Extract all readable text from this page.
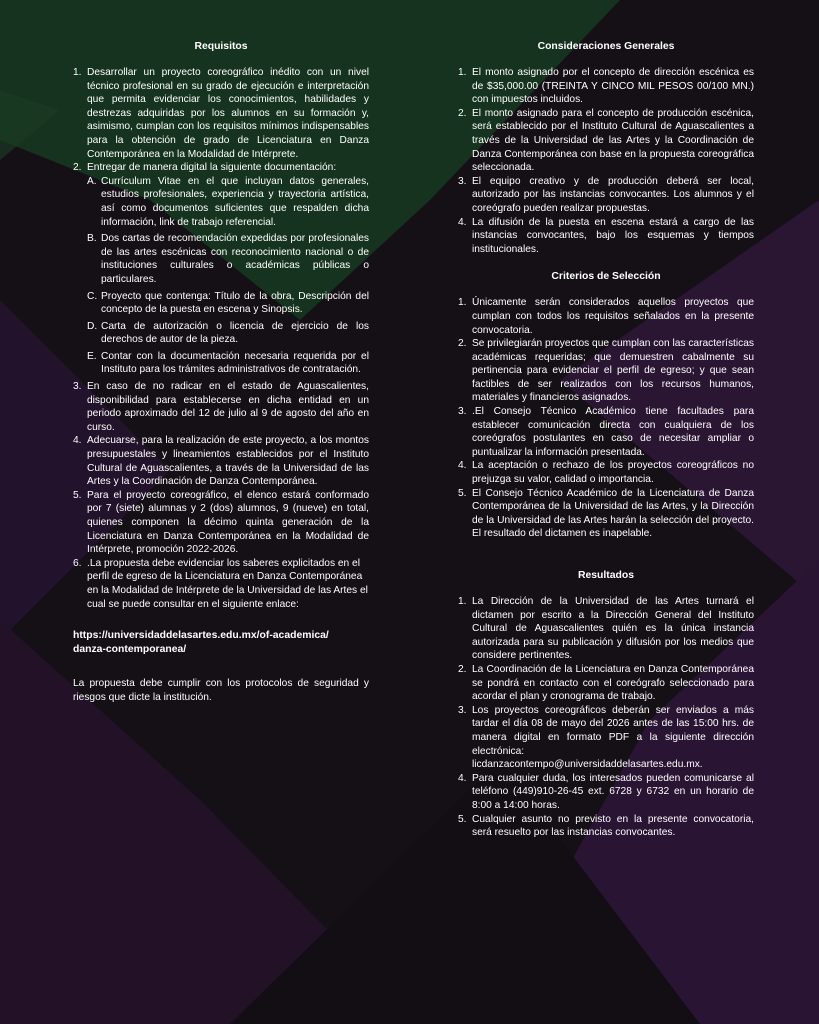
Requisitos
1. Desarrollar un proyecto coreográfico inédito con un nivel técnico profesional en su grado de ejecución e interpretación que permita evidenciar los conocimientos, habilidades y destrezas adquiridas por los alumnos en su formación y, asimismo, cumplan con los requisitos mínimos indispensables para la obtención de grado de Licenciatura en Danza Contemporánea en la Modalidad de Intérprete.
2. Entregar de manera digital la siguiente documentación:
A. Currículum Vitae en el que incluyan datos generales, estudios profesionales, experiencia y trayectoria artística, así como documentos suficientes que respalden dicha información, link de trabajo referencial.
B. Dos cartas de recomendación expedidas por profesionales de las artes escénicas con reconocimiento nacional o de instituciones culturales o académicas públicas o particulares.
C. Proyecto que contenga: Título de la obra, Descripción del concepto de la puesta en escena y Sinopsis.
D. Carta de autorización o licencia de ejercicio de los derechos de autor de la pieza.
E. Contar con la documentación necesaria requerida por el Instituto para los trámites administrativos de contratación.
3. En caso de no radicar en el estado de Aguascalientes, disponibilidad para establecerse en dicha entidad en un periodo aproximado del 12 de julio al 9 de agosto del año en curso.
4. Adecuarse, para la realización de este proyecto, a los montos presupuestales y lineamientos establecidos por el Instituto Cultural de Aguascalientes, a través de la Universidad de las Artes y la Coordinación de Danza Contemporánea.
5. Para el proyecto coreográfico, el elenco estará conformado por 7 (siete) alumnas y 2 (dos) alumnos, 9 (nueve) en total, quienes componen la décimo quinta generación de la Licenciatura en Danza Contemporánea en la Modalidad de Intérprete, promoción 2022-2026.
6. .La propuesta debe evidenciar los saberes explicitados en el perfil de egreso de la Licenciatura en Danza Contemporánea en la Modalidad de Intérprete de la Universidad de las Artes el cual se puede consultar en el siguiente enlace:
https://universidaddelasartes.edu.mx/of-academica/
danza-contemporanea/
La propuesta debe cumplir con los protocolos de seguridad y riesgos que dicte la institución.
Consideraciones Generales
1. El monto asignado por el concepto de dirección escénica es de $35,000.00 (TREINTA Y CINCO MIL PESOS 00/100 MN.) con impuestos incluidos.
2. El monto asignado para el concepto de producción escénica, será establecido por el Instituto Cultural de Aguascalientes a través de la Universidad de las Artes y la Coordinación de Danza Contemporánea con base en la propuesta coreográfica seleccionada.
3. El equipo creativo y de producción deberá ser local, autorizado por las instancias convocantes. Los alumnos y el coreógrafo pueden realizar propuestas.
4. La difusión de la puesta en escena estará a cargo de las instancias convocantes, bajo los esquemas y tiempos institucionales.
Criterios de Selección
1. Únicamente serán considerados aquellos proyectos que cumplan con todos los requisitos señalados en la presente convocatoria.
2. Se privilegiarán proyectos que cumplan con las características académicas requeridas; que demuestren cabalmente su pertinencia para evidenciar el perfil de egreso; y que sean factibles de ser realizados con los recursos humanos, materiales y financieros asignados.
3. .El Consejo Técnico Académico tiene facultades para establecer comunicación directa con cualquiera de los coreógrafos postulantes en caso de necesitar ampliar o puntualizar la información presentada.
4. La aceptación o rechazo de los proyectos coreográficos no prejuzga su valor, calidad o importancia.
5. El Consejo Técnico Académico de la Licenciatura de Danza Contemporánea de la Universidad de las Artes, y la Dirección de la Universidad de las Artes harán la selección del proyecto. El resultado del dictamen es inapelable.
Resultados
1. La Dirección de la Universidad de las Artes turnará el dictamen por escrito a la Dirección General del Instituto Cultural de Aguascalientes quién es la única instancia autorizada para su publicación y difusión por los medios que considere pertinentes.
2. La Coordinación de la Licenciatura en Danza Contemporánea se pondrá en contacto con el coreógrafo seleccionado para acordar el plan y cronograma de trabajo.
3. Los proyectos coreográficos deberán ser enviados a más tardar el día 08 de mayo del 2026 antes de las 15:00 hrs. de manera digital en formato PDF a la siguiente dirección electrónica: licdanzacontempo@universidaddelasartes.edu.mx.
4. Para cualquier duda, los interesados pueden comunicarse al teléfono (449)910-26-45 ext. 6728 y 6732 en un horario de 8:00 a 14:00 horas.
5. Cualquier asunto no previsto en la presente convocatoria, será resuelto por las instancias convocantes.
